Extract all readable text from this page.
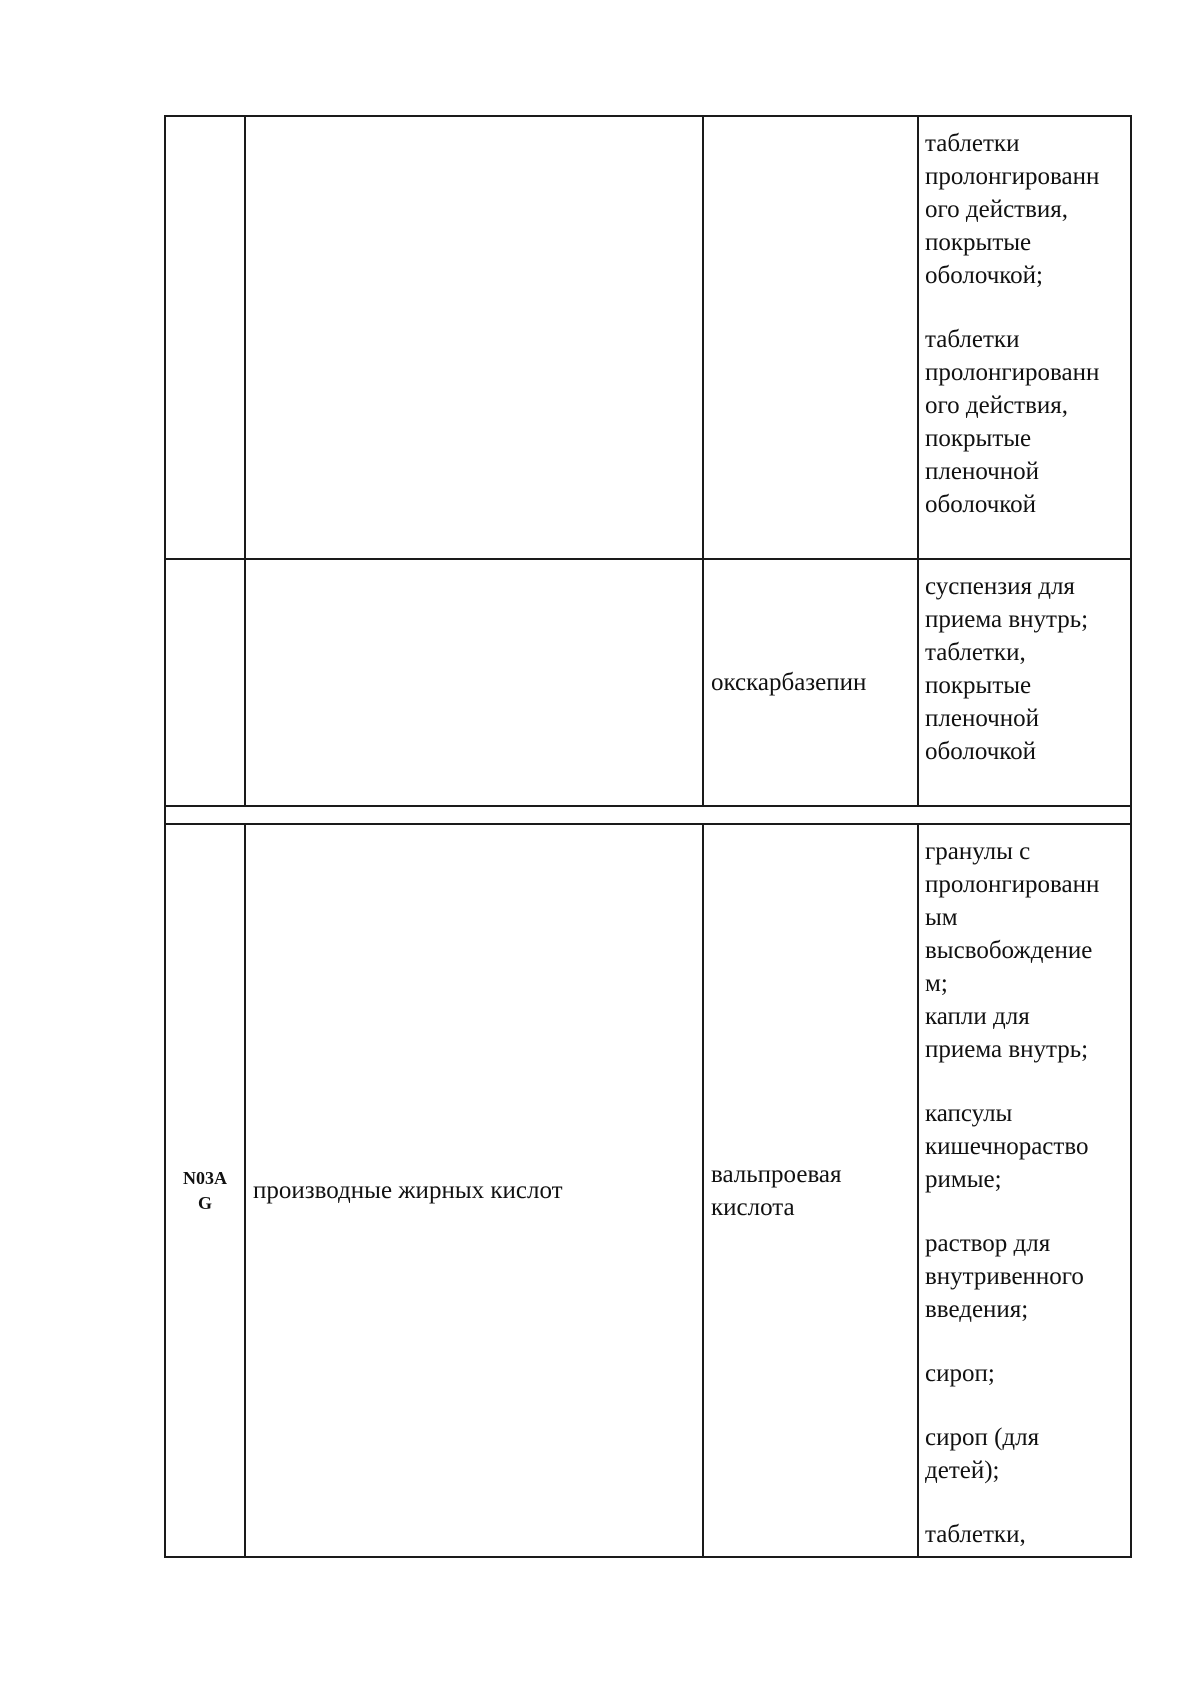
таблетки
пролонгированн
ого действия,
покрытые
оболочкой;
таблетки
пролонгированн
ого действия,
покрытые
пленочной
оболочкой
окскарбазепин
суспензия для
приема внутрь;
таблетки,
покрытые
пленочной
оболочкой
N03A
G	производные жирных кислот
вальпроевая
кислота
гранулы с
пролонгированн
ым
высвобождение
м;
капли для
приема внутрь;
капсулы
кишечнораство
римые;
раствор для
внутривенного
введения;
сироп;
сироп (для
детей);
таблетки,
